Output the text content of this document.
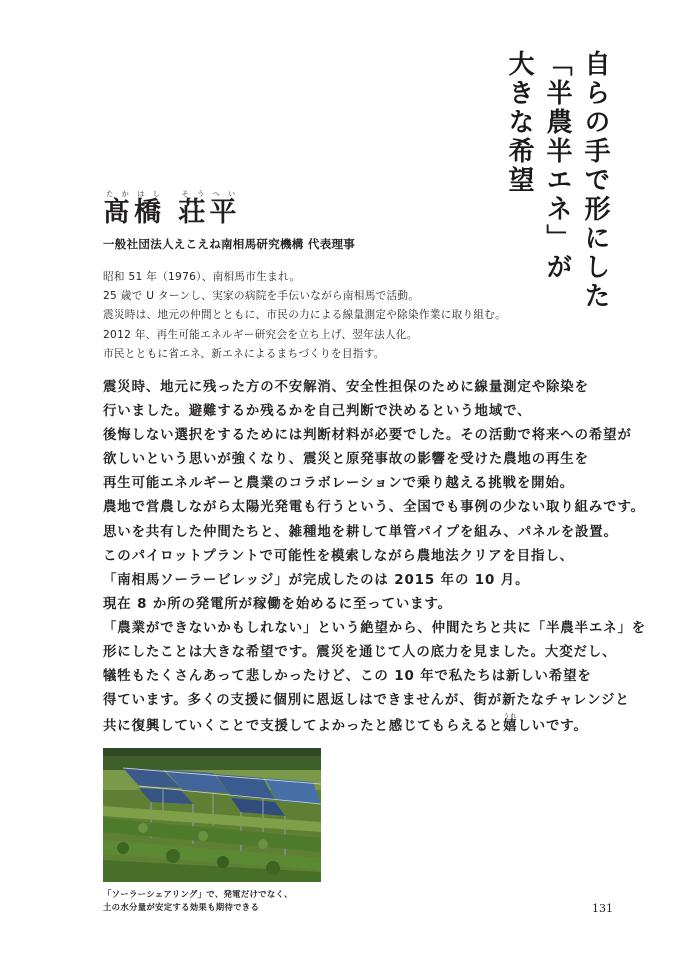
自らの手で形にした
「半農半エネ」が
大きな希望
髙橋たかはし 荘平そうへい
一般社団法人えこえね南相馬研究機構 代表理事
昭和 51 年（1976）、南相馬市生まれ。
25 歳で U ターンし、実家の病院を手伝いながら南相馬で活動。
震災時は、地元の仲間とともに、市民の力による線量測定や除染作業に取り組む。
2012 年、再生可能エネルギー研究会を立ち上げ、翌年法人化。
市民とともに省エネ、新エネによるまちづくりを目指す。
震災時、地元に残った方の不安解消、安全性担保のために線量測定や除染を
行いました。避難するか残るかを自己判断で決めるという地域で、
後悔しない選択をするためには判断材料が必要でした。その活動で将来への希望が
欲しいという思いが強くなり、震災と原発事故の影響を受けた農地の再生を
再生可能エネルギーと農業のコラボレーションで乗り越える挑戦を開始。
農地で営農しながら太陽光発電も行うという、全国でも事例の少ない取り組みです。
思いを共有した仲間たちと、雑種地を耕して単管パイプを組み、パネルを設置。
このパイロットプラントで可能性を模索しながら農地法クリアを目指し、
「南相馬ソーラービレッジ」が完成したのは 2015 年の 10 月。
現在 8 か所の発電所が稼働を始めるに至っています。
「農業ができないかもしれない」という絶望から、仲間たちと共に「半農半エネ」を
形にしたことは大きな希望です。震災を通じて人の底力を見ました。大変だし、
犠牲もたくさんあって悲しかったけど、この 10 年で私たちは新しい希望を
得ています。多くの支援に個別に恩返しはできませんが、街が新たなチャレンジと
共に復興していくことで支援してよかったと感じてもらえると嬉うれしいです。
「ソーラーシェアリング」で、発電だけでなく、
土の水分量が安定する効果も期待できる	131
